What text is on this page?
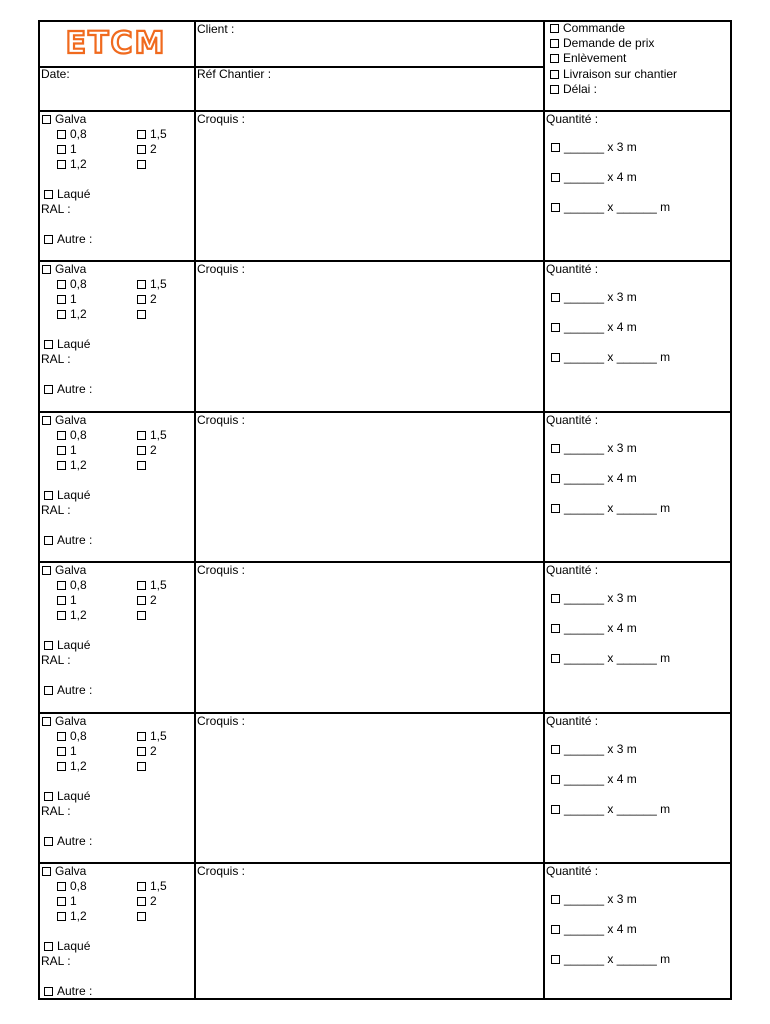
ETCM
Date:
Client :
Réf Chantier :
Commande
Demande de prix
Enlèvement
Livraison sur chantier
Délai :
Galva
0,8
1
1,2
1,5
2
Laqué
RAL :
Autre :
Croquis :	Quantité :
______ x 3 m
______ x 4 m
______ x ______ m
Galva
0,8
1
1,2
1,5
2
Laqué
RAL :
Autre :
Croquis :	Quantité :
______ x 3 m
______ x 4 m
______ x ______ m
Galva
0,8
1
1,2
1,5
2
Laqué
RAL :
Autre :
Croquis :	Quantité :
______ x 3 m
______ x 4 m
______ x ______ m
Galva
0,8
1
1,2
1,5
2
Laqué
RAL :
Autre :
Croquis :	Quantité :
______ x 3 m
______ x 4 m
______ x ______ m
Galva
0,8
1
1,2
1,5
2
Laqué
RAL :
Autre :
Croquis :	Quantité :
______ x 3 m
______ x 4 m
______ x ______ m
Galva
0,8
1
1,2
1,5
2
Laqué
RAL :
Autre :
Croquis :	Quantité :
______ x 3 m
______ x 4 m
______ x ______ m
